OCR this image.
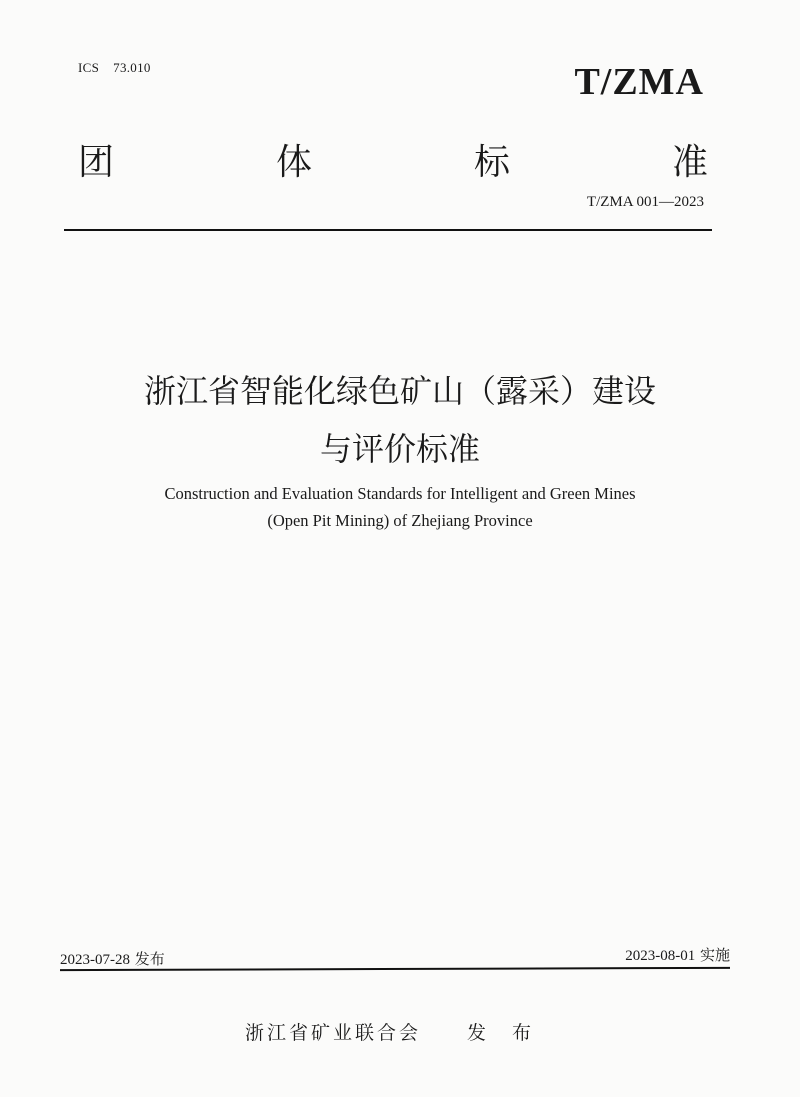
ICS 73.010	T/ZMA
团	体	标	准
T/ZMA 001—2023
浙江省智能化绿色矿山（露采）建设
与评价标准
Construction and Evaluation Standards for Intelligent and Green Mines
(Open Pit Mining) of Zhejiang Province
2023-07-28 发布	2023-08-01 实施
浙江省矿业联合会 发 布
